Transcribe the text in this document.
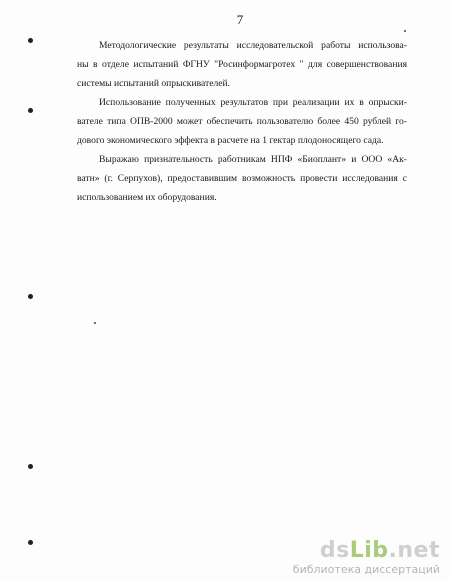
7

Методологические результаты исследовательской работы использова-
ны в отделе испытаний ФГНУ "Росинформагротех " для совершенствования
системы испытаний опрыскивателей.

Использование полученных результатов при реализации их в опрыски-
вателе типа ОПВ-2000 может обеспечить пользователю более 450 рублей го-
дового экономического эффекта в расчете на 1 гектар плодоносящего сада.

Выражаю признательность работникам НПФ «Биоплант» и ООО «Ак-
ватн» (г. Серпухов), предоставившим возможность провести исследования с
использованием их оборудования.

dsLib.net
библиотека диссертаций
